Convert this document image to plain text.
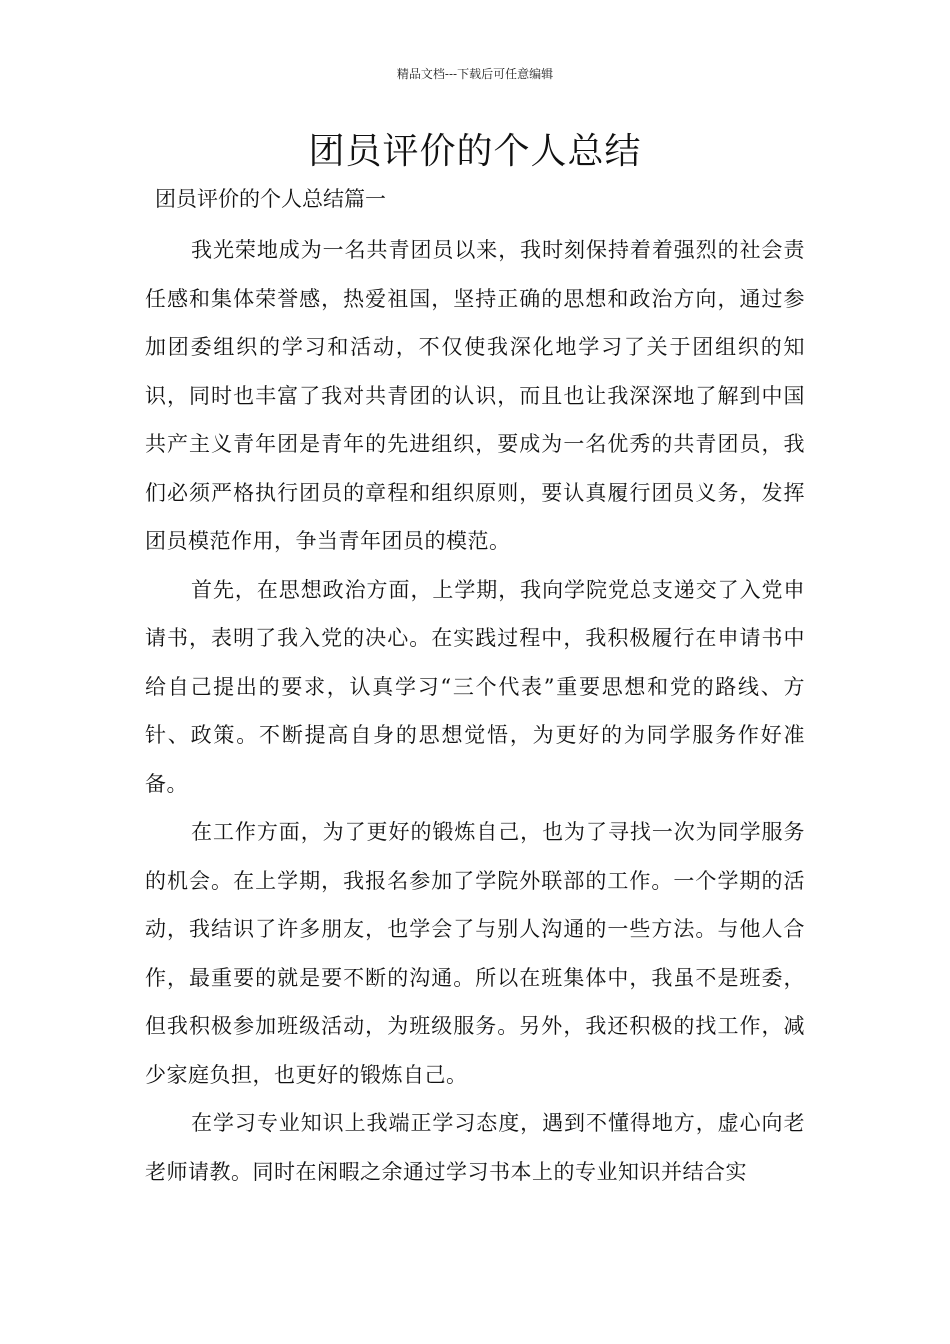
精品文档---下载后可任意编辑
团员评价的个人总结

团员评价的个人总结篇一

我光荣地成为一名共青团员以来，我时刻保持着着强烈的社会责任感和集体荣誉感，热爱祖国，坚持正确的思想和政治方向，通过参加团委组织的学习和活动，不仅使我深化地学习了关于团组织的知识，同时也丰富了我对共青团的认识，而且也让我深深地了解到中国共产主义青年团是青年的先进组织，要成为一名优秀的共青团员，我们必须严格执行团员的章程和组织原则，要认真履行团员义务，发挥团员模范作用，争当青年团员的模范。

首先，在思想政治方面，上学期，我向学院党总支递交了入党申请书，表明了我入党的决心。在实践过程中，我积极履行在申请书中给自己提出的要求，认真学习“三个代表”重要思想和党的路线、方针、政策。不断提高自身的思想觉悟，为更好的为同学服务作好准备。

在工作方面，为了更好的锻炼自己，也为了寻找一次为同学服务的机会。在上学期，我报名参加了学院外联部的工作。一个学期的活动，我结识了许多朋友，也学会了与别人沟通的一些方法。与他人合作，最重要的就是要不断的沟通。所以在班集体中，我虽不是班委，但我积极参加班级活动，为班级服务。另外，我还积极的找工作，减少家庭负担，也更好的锻炼自己。

在学习专业知识上我端正学习态度，遇到不懂得地方，虚心向老老师请教。同时在闲暇之余通过学习书本上的专业知识并结合实
